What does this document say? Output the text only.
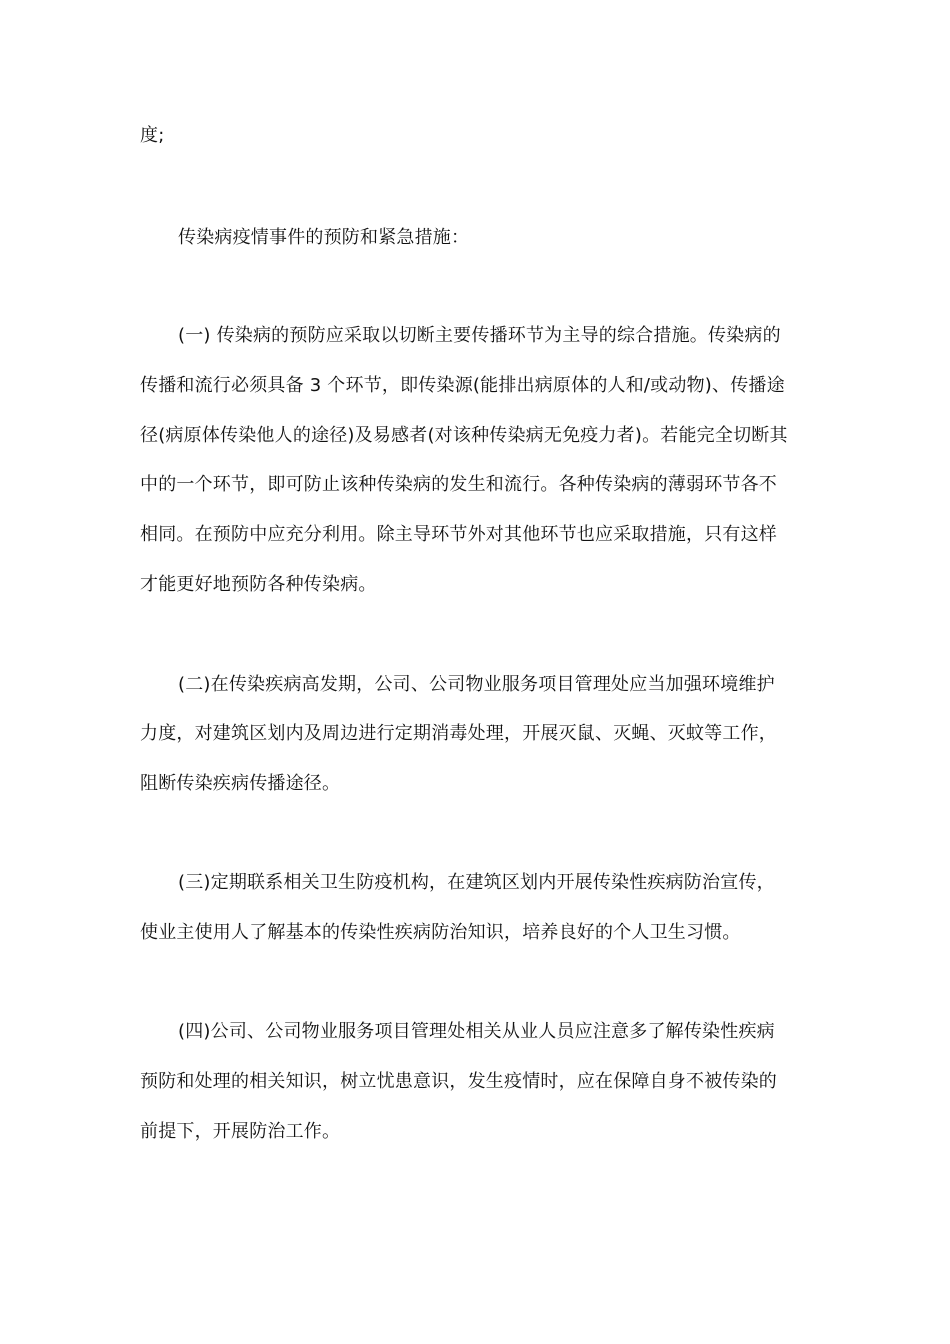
度;
传染病疫情事件的预防和紧急措施：
(一) 传染病的预防应采取以切断主要传播环节为主导的综合措施。传染病的
传播和流行必须具备 3 个环节，即传染源(能排出病原体的人和/或动物)、传播途
径(病原体传染他人的途径)及易感者(对该种传染病无免疫力者)。若能完全切断其
中的一个环节，即可防止该种传染病的发生和流行。各种传染病的薄弱环节各不
相同。在预防中应充分利用。除主导环节外对其他环节也应采取措施，只有这样
才能更好地预防各种传染病。
(二)在传染疾病高发期，公司、公司物业服务项目管理处应当加强环境维护
力度，对建筑区划内及周边进行定期消毒处理，开展灭鼠、灭蝇、灭蚊等工作，
阻断传染疾病传播途径。
(三)定期联系相关卫生防疫机构，在建筑区划内开展传染性疾病防治宣传，
使业主使用人了解基本的传染性疾病防治知识，培养良好的个人卫生习惯。
(四)公司、公司物业服务项目管理处相关从业人员应注意多了解传染性疾病
预防和处理的相关知识，树立忧患意识，发生疫情时，应在保障自身不被传染的
前提下，开展防治工作。
